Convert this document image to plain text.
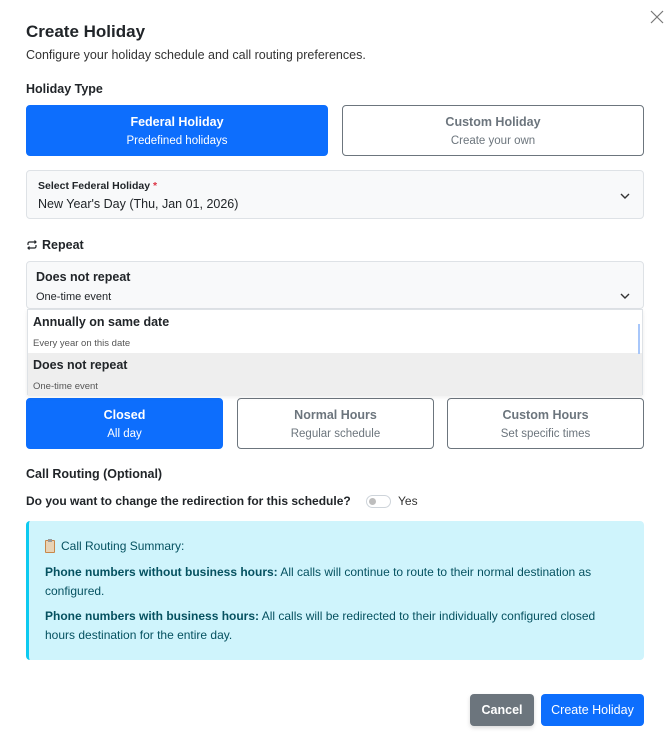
Create Holiday
Configure your holiday schedule and call routing preferences.
Holiday Type
Federal Holiday
Predefined holidays
Custom Holiday
Create your own
Select Federal Holiday *
New Year's Day (Thu, Jan 01, 2026)
Repeat
Does not repeat
One-time event
Annually on same date
Every year on this date
Does not repeat
One-time event
Closed
All day
Normal Hours
Regular schedule
Custom Hours
Set specific times
Call Routing (Optional)
Do you want to change the redirection for this schedule?	Yes
Call Routing Summary:
Phone numbers without business hours: All calls will continue to route to their normal destination as configured.
Phone numbers with business hours: All calls will be redirected to their individually configured closed hours destination for the entire day.
Cancel	Create Holiday
